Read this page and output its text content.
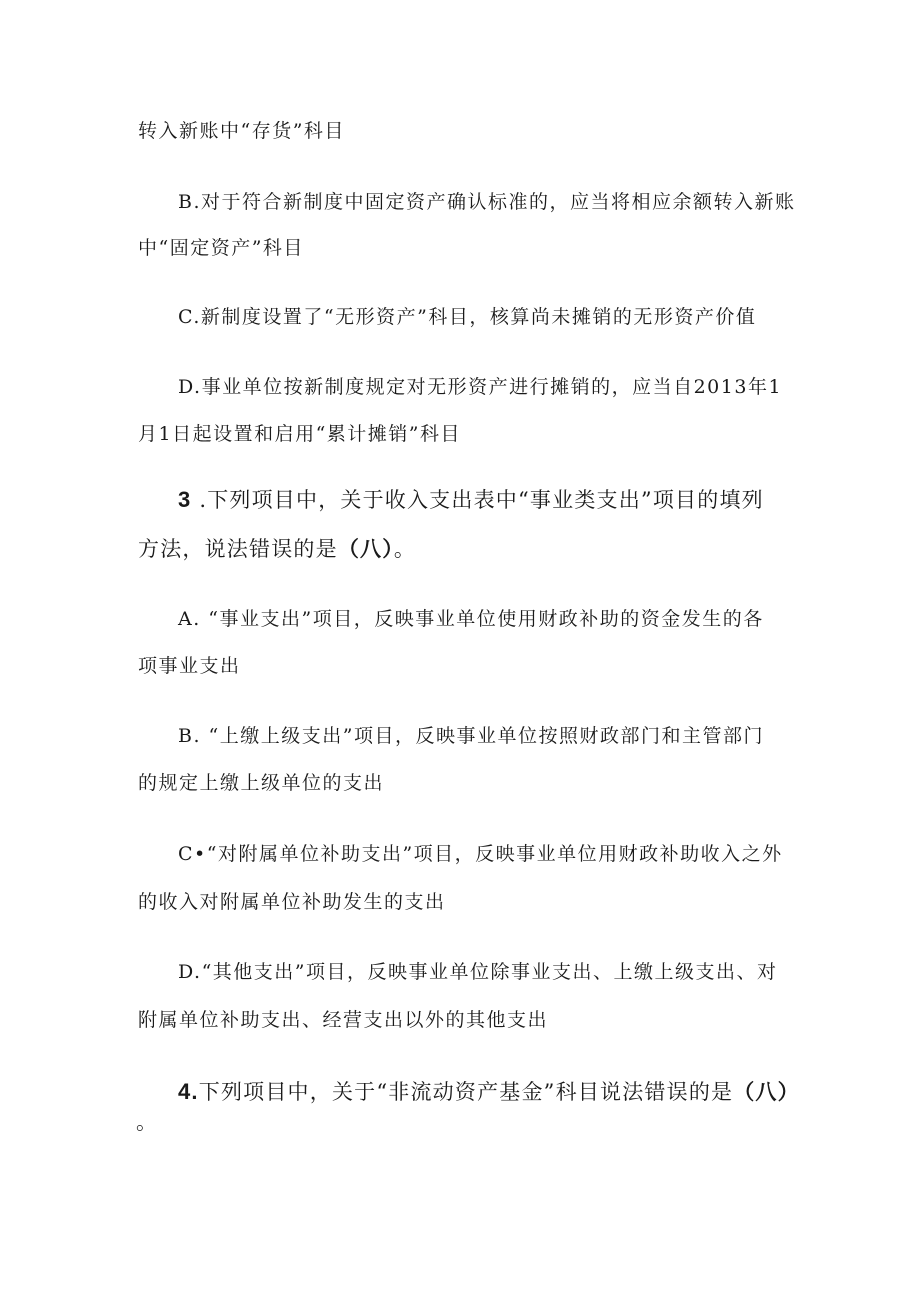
转入新账中“存货”科目
B.对于符合新制度中固定资产确认标准的，应当将相应余额转入新账
中“固定资产”科目
C.新制度设置了“无形资产”科目，核算尚未摊销的无形资产价值
D.事业单位按新制度规定对无形资产进行摊销的，应当自2013年1
月1日起设置和启用“累计摊销”科目
3 .下列项目中，关于收入支出表中“事业类支出”项目的填列
方法，说法错误的是（八）。
A. “事业支出”项目，反映事业单位使用财政补助的资金发生的各
项事业支出
B. “上缴上级支出”项目，反映事业单位按照财政部门和主管部门
的规定上缴上级单位的支出
C•“对附属单位补助支出”项目，反映事业单位用财政补助收入之外
的收入对附属单位补助发生的支出
D.“其他支出”项目，反映事业单位除事业支出、上缴上级支出、对
附属单位补助支出、经营支出以外的其他支出
4.下列项目中，关于“非流动资产基金”科目说法错误的是（八）
。
